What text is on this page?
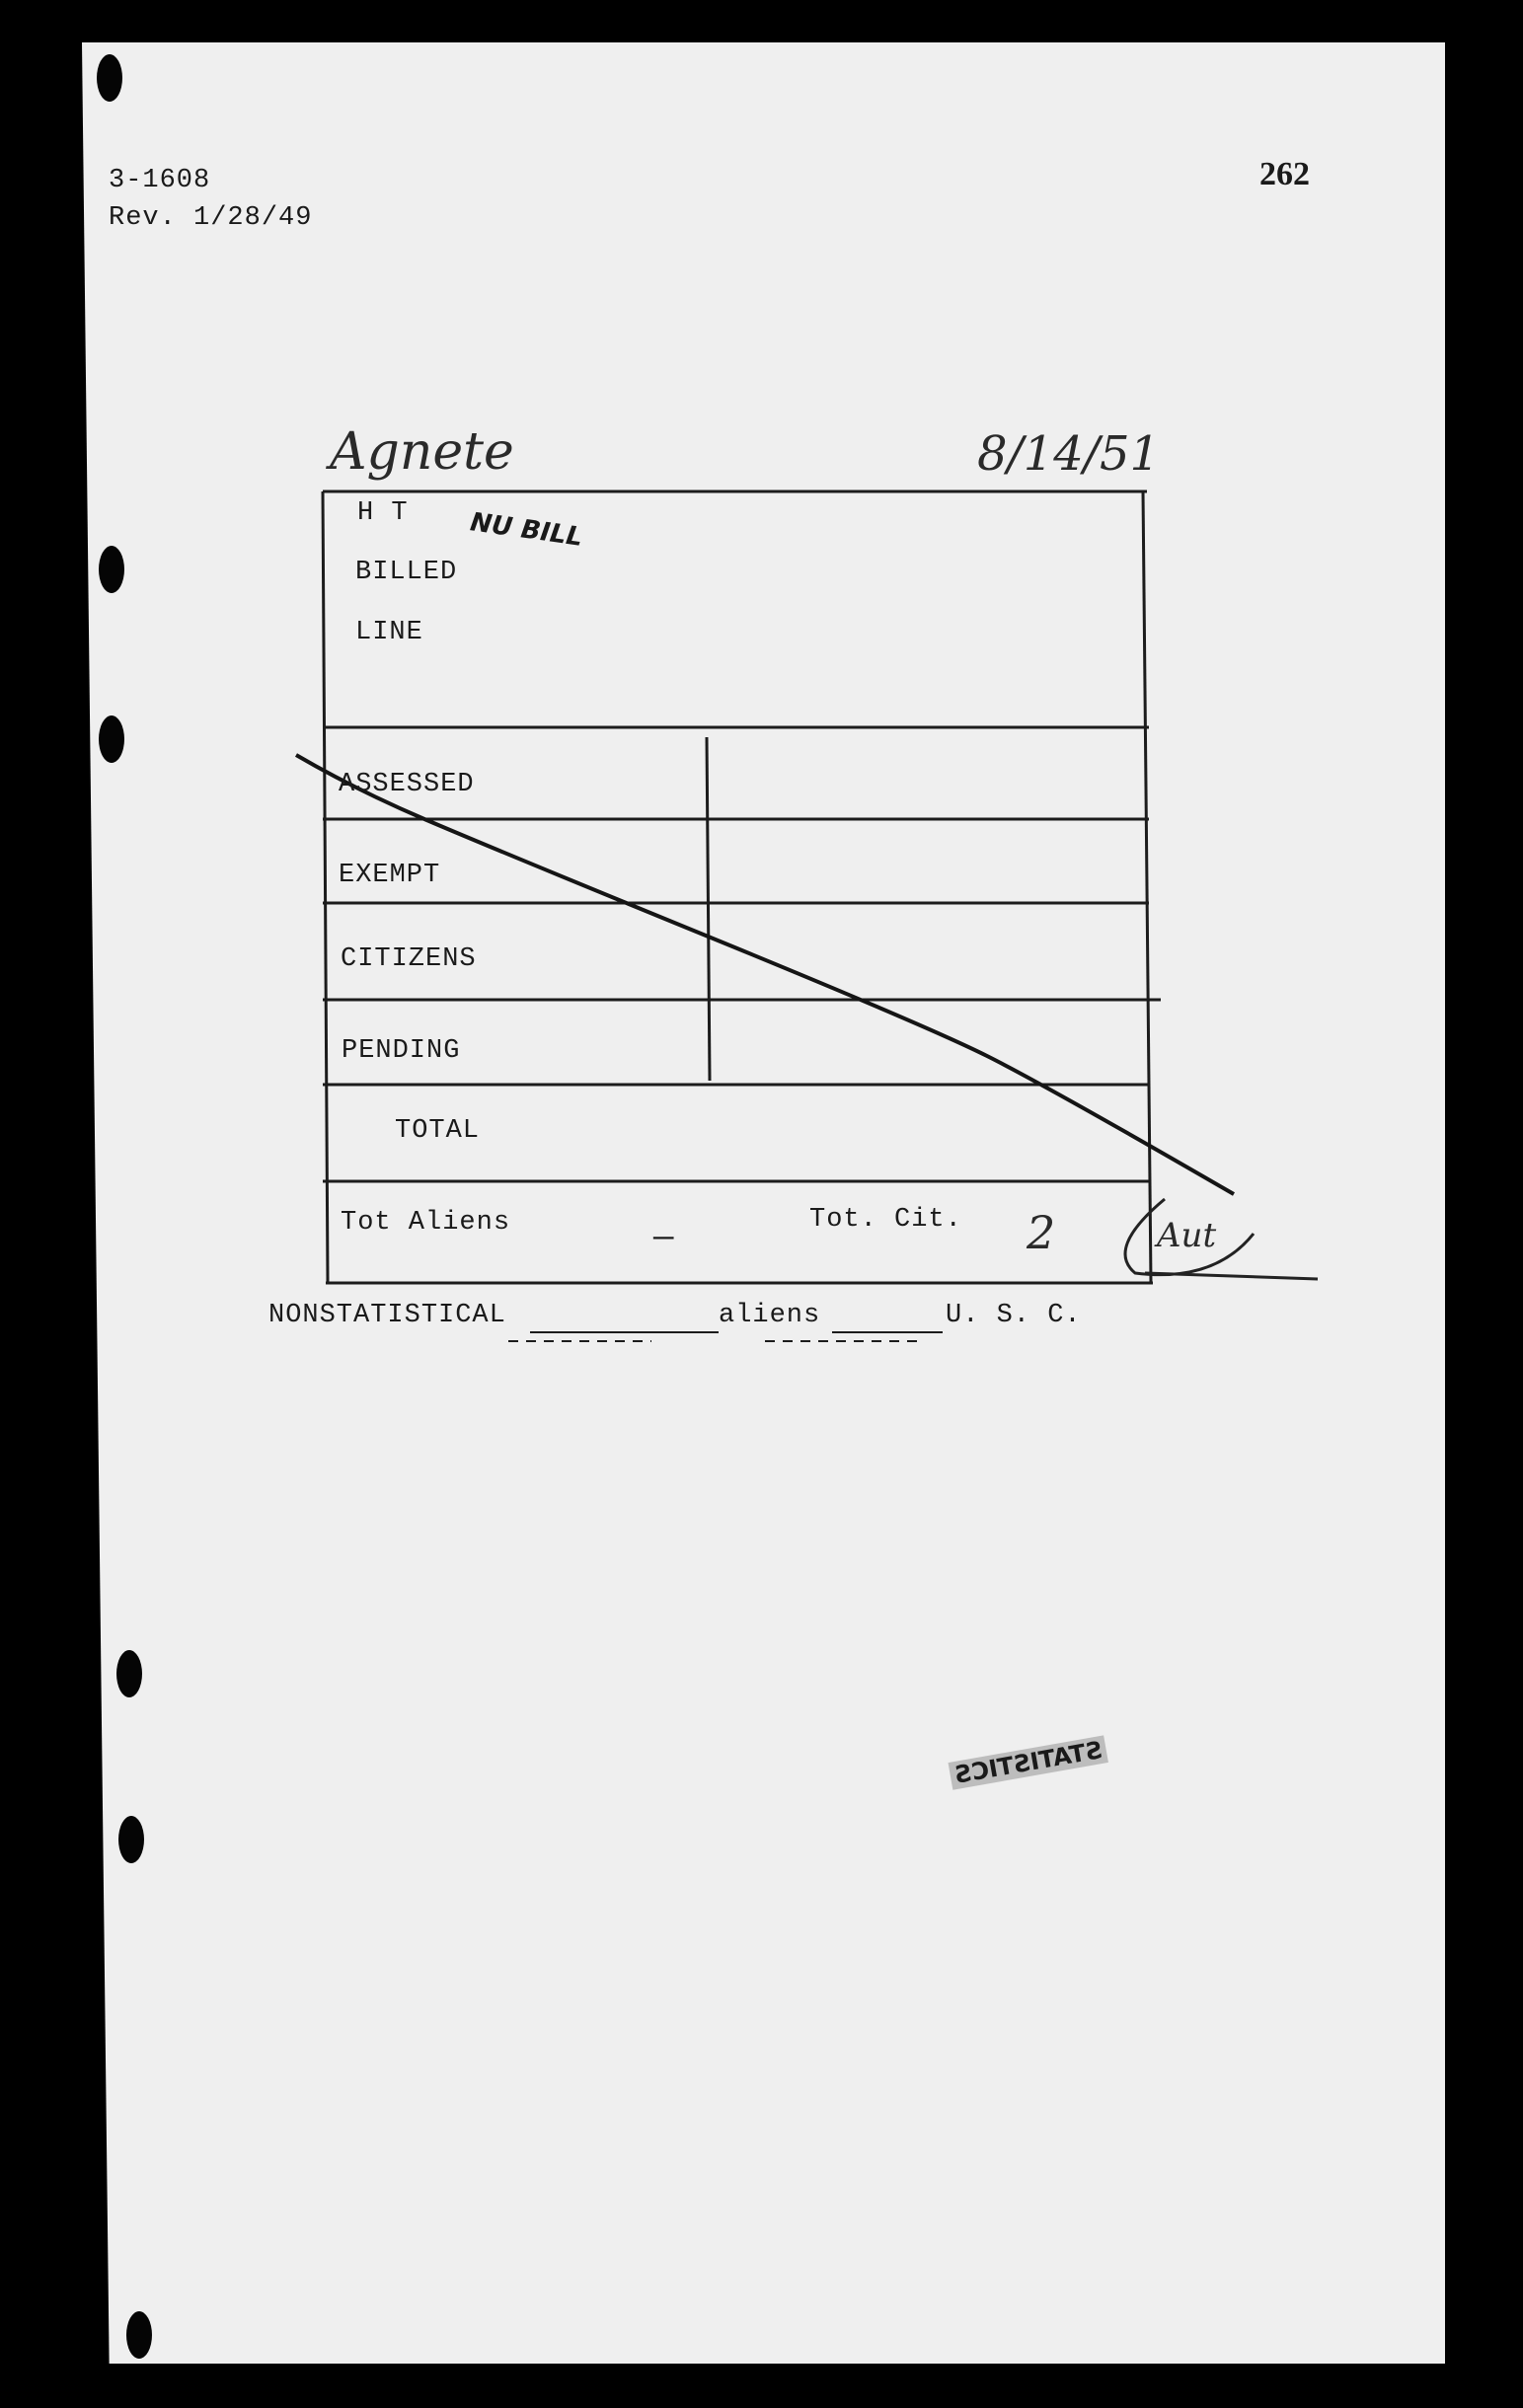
3-1608
Rev. 1/28/49
262
Agnete	8/14/51
NU BILL
H T
BILLED
LINE
ASSESSED
EXEMPT
CITIZENS
PENDING
TOTAL
Tot Aliens	—	Tot. Cit. 2	Aut
NONSTATISTICAL	aliens	U. S. C.
STATISTICS
